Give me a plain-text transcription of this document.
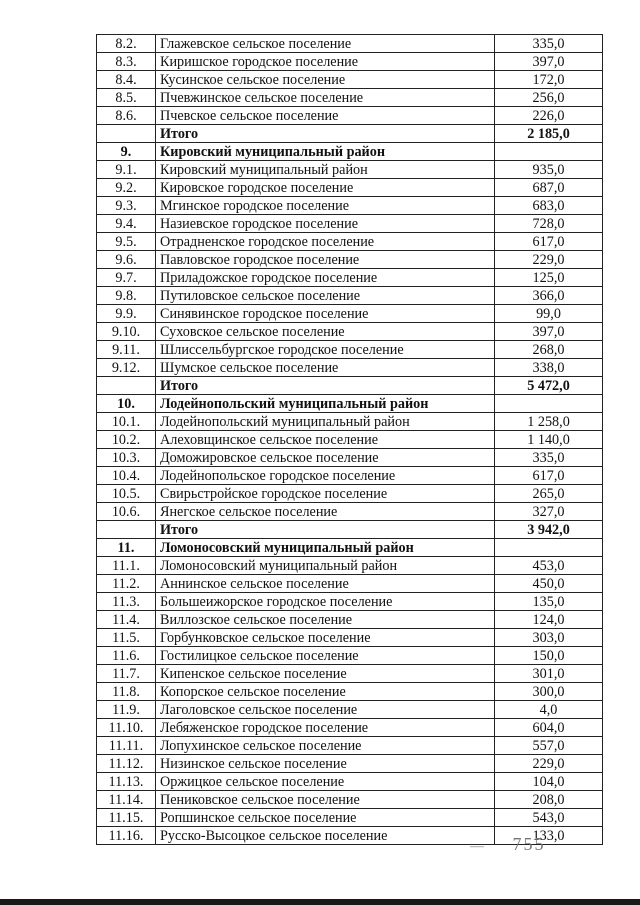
8.2.	Глажевское сельское поселение	335,0
8.3.	Киришское городское поселение	397,0
8.4.	Кусинское сельское поселение	172,0
8.5.	Пчевжинское сельское поселение	256,0
8.6.	Пчевское сельское поселение	226,0
	Итого	2 185,0
9.	Кировский муниципальный район	
9.1.	Кировский муниципальный район	935,0
9.2.	Кировское городское поселение	687,0
9.3.	Мгинское городское поселение	683,0
9.4.	Назиевское городское поселение	728,0
9.5.	Отрадненское городское поселение	617,0
9.6.	Павловское городское поселение	229,0
9.7.	Приладожское городское поселение	125,0
9.8.	Путиловское сельское поселение	366,0
9.9.	Синявинское городское поселение	99,0
9.10.	Суховское сельское поселение	397,0
9.11.	Шлиссельбургское городское поселение	268,0
9.12.	Шумское сельское поселение	338,0
	Итого	5 472,0
10.	Лодейнопольский муниципальный район	
10.1.	Лодейнопольский муниципальный район	1 258,0
10.2.	Алеховщинское сельское поселение	1 140,0
10.3.	Доможировское сельское поселение	335,0
10.4.	Лодейнопольское городское поселение	617,0
10.5.	Свирьстройское городское поселение	265,0
10.6.	Янегское сельское поселение	327,0
	Итого	3 942,0
11.	Ломоносовский муниципальный район	
11.1.	Ломоносовский муниципальный район	453,0
11.2.	Аннинское сельское поселение	450,0
11.3.	Большеижорское городское поселение	135,0
11.4.	Виллозское сельское поселение	124,0
11.5.	Горбунковское сельское поселение	303,0
11.6.	Гостилицкое сельское поселение	150,0
11.7.	Кипенское сельское поселение	301,0
11.8.	Копорское сельское поселение	300,0
11.9.	Лаголовское сельское поселение	4,0
11.10.	Лебяженское городское поселение	604,0
11.11.	Лопухинское сельское поселение	557,0
11.12.	Низинское сельское поселение	229,0
11.13.	Оржицкое сельское поселение	104,0
11.14.	Пениковское сельское поселение	208,0
11.15.	Ропшинское сельское поселение	543,0
11.16.	Русско-Высоцкое сельское поселение	133,0
— 755
